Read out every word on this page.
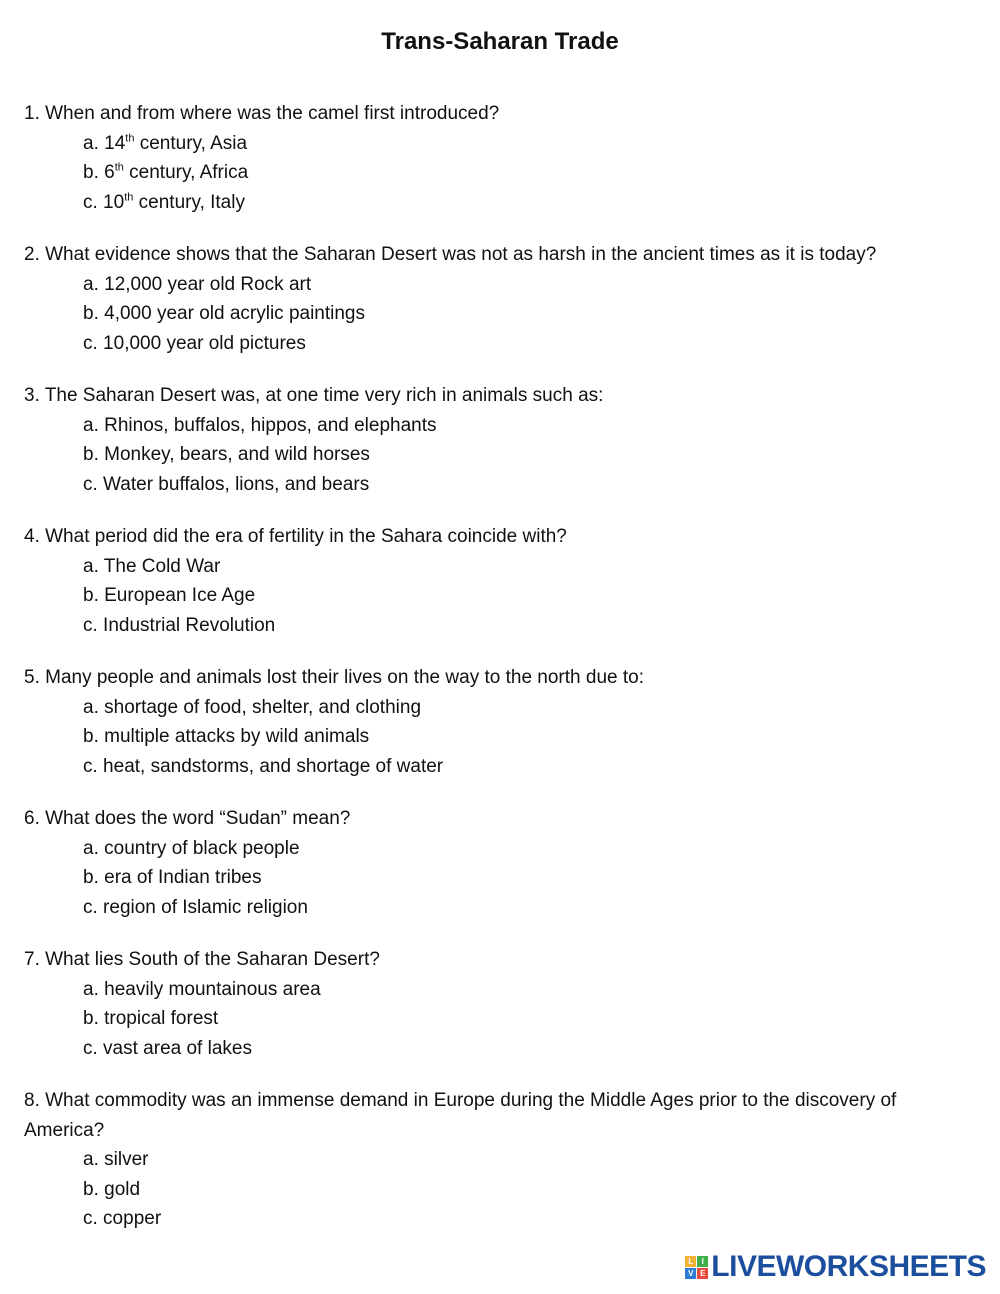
Trans-Saharan Trade
1. When and from where was the camel first introduced?
a. 14th century, Asia
b. 6th century, Africa
c. 10th century, Italy
2. What evidence shows that the Saharan Desert was not as harsh in the ancient times as it is today?
a. 12,000 year old Rock art
b. 4,000 year old acrylic paintings
c. 10,000 year old pictures
3. The Saharan Desert was, at one time very rich in animals such as:
a. Rhinos, buffalos, hippos, and elephants
b. Monkey, bears, and wild horses
c. Water buffalos, lions, and bears
4. What period did the era of fertility in the Sahara coincide with?
a. The Cold War
b. European Ice Age
c. Industrial Revolution
5. Many people and animals lost their lives on the way to the north due to:
a. shortage of food, shelter, and clothing
b. multiple attacks by wild animals
c. heat, sandstorms, and shortage of water
6. What does the word “Sudan” mean?
a. country of black people
b. era of Indian tribes
c. region of Islamic religion
7. What lies South of the Saharan Desert?
a. heavily mountainous area
b. tropical forest
c. vast area of lakes
8. What commodity was an immense demand in Europe during the Middle Ages prior to the discovery of America?
a. silver
b. gold
c. copper
L	I
V E LIVEWORKSHEETS
